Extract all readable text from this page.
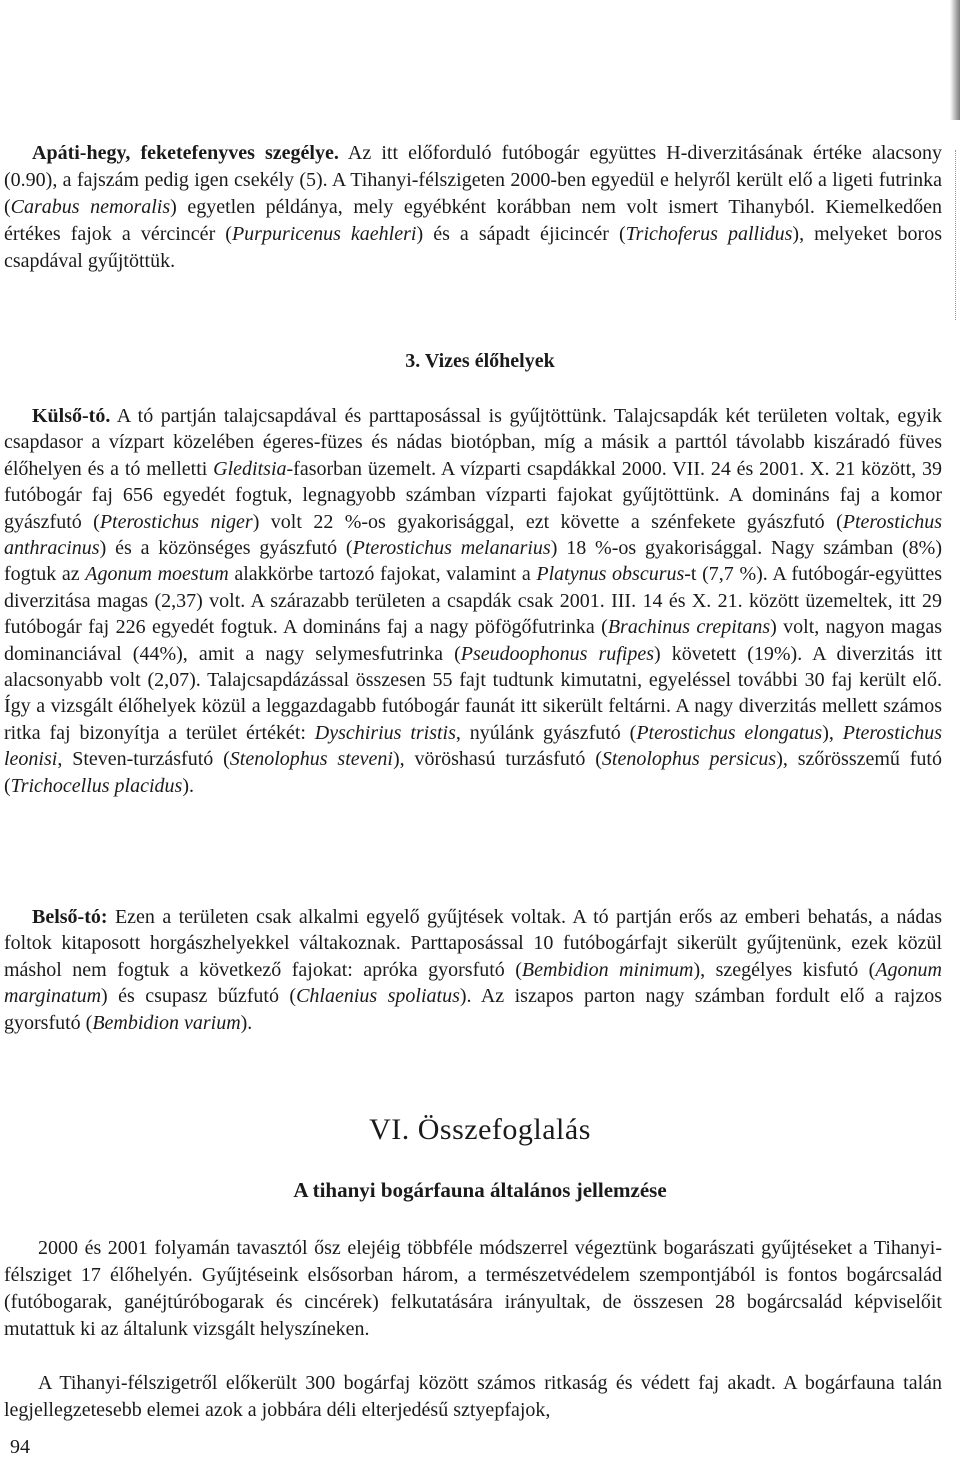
Apáti-hegy, feketefenyves szegélye. Az itt előforduló futóbogár együttes H-diverzitásának értéke alacsony (0.90), a fajszám pedig igen csekély (5). A Tihanyi-félszigeten 2000-ben egyedül e helyről került elő a ligeti futrinka (Carabus nemoralis) egyetlen példánya, mely egyébként korábban nem volt ismert Tihanyból. Kiemelkedően értékes fajok a vércincér (Purpuricenus kaehleri) és a sápadt éjicincér (Trichoferus pallidus), melyeket boros csapdával gyűjtöttük.

3. Vizes élőhelyek

Külső-tó. A tó partján talajcsapdával és parttaposással is gyűjtöttünk. Talajcsapdák két területen voltak, egyik csapdasor a vízpart közelében égeres-füzes és nádas biotópban, míg a másik a parttól távolabb kiszáradó füves élőhelyen és a tó melletti Gleditsia-fasorban üzemelt. A vízparti csapdákkal 2000. VII. 24 és 2001. X. 21 között, 39 futóbogár faj 656 egyedét fogtuk, legnagyobb számban vízparti fajokat gyűjtöttünk. A domináns faj a komor gyászfutó (Pterostichus niger) volt 22 %-os gyakorisággal, ezt követte a szénfekete gyászfutó (Pterostichus anthracinus) és a közönséges gyászfutó (Pterostichus melanarius) 18 %-os gyakorisággal. Nagy számban (8%) fogtuk az Agonum moestum alakkörbe tartozó fajokat, valamint a Platynus obscurus-t (7,7 %). A futóbogár-együttes diverzitása magas (2,37) volt. A szárazabb területen a csapdák csak 2001. III. 14 és X. 21. között üzemeltek, itt 29 futóbogár faj 226 egyedét fogtuk. A domináns faj a nagy pöfögőfutrinka (Brachinus crepitans) volt, nagyon magas dominanciával (44%), amit a nagy selymesfutrinka (Pseudoophonus rufipes) követett (19%). A diverzitás itt alacsonyabb volt (2,07). Talajcsapdázással összesen 55 fajt tudtunk kimutatni, egyeléssel további 30 faj került elő. Így a vizsgált élőhelyek közül a leggazdagabb futóbogár faunát itt sikerült feltárni. A nagy diverzitás mellett számos ritka faj bizonyítja a terület értékét: Dyschirius tristis, nyúlánk gyászfutó (Pterostichus elongatus), Pterostichus leonisi, Steven-turzásfutó (Stenolophus steveni), vöröshasú turzásfutó (Stenolophus persicus), szőrösszemű futó (Trichocellus placidus).

Belső-tó: Ezen a területen csak alkalmi egyelő gyűjtések voltak. A tó partján erős az emberi behatás, a nádas foltok kitaposott horgászhelyekkel váltakoznak. Parttaposással 10 futóbogárfajt sikerült gyűjtenünk, ezek közül máshol nem fogtuk a következő fajokat: apróka gyorsfutó (Bembidion minimum), szegélyes kisfutó (Agonum marginatum) és csupasz bűzfutó (Chlaenius spoliatus). Az iszapos parton nagy számban fordult elő a rajzos gyorsfutó (Bembidion varium).

VI. Összefoglalás
A tihanyi bogárfauna általános jellemzése

2000 és 2001 folyamán tavasztól ősz elejéig többféle módszerrel végeztünk bogarászati gyűjtéseket a Tihanyi-félsziget 17 élőhelyén. Gyűjtéseink elsősorban három, a természetvédelem szempontjából is fontos bogárcsalád (futóbogarak, ganéjtúróbogarak és cincérek) felkutatására irányultak, de összesen 28 bogárcsalád képviselőit mutattuk ki az általunk vizsgált helyszíneken.

A Tihanyi-félszigetről előkerült 300 bogárfaj között számos ritkaság és védett faj akadt. A bogárfauna talán legjellegzetesebb elemei azok a jobbára déli elterjedésű sztyepfajok,

94
